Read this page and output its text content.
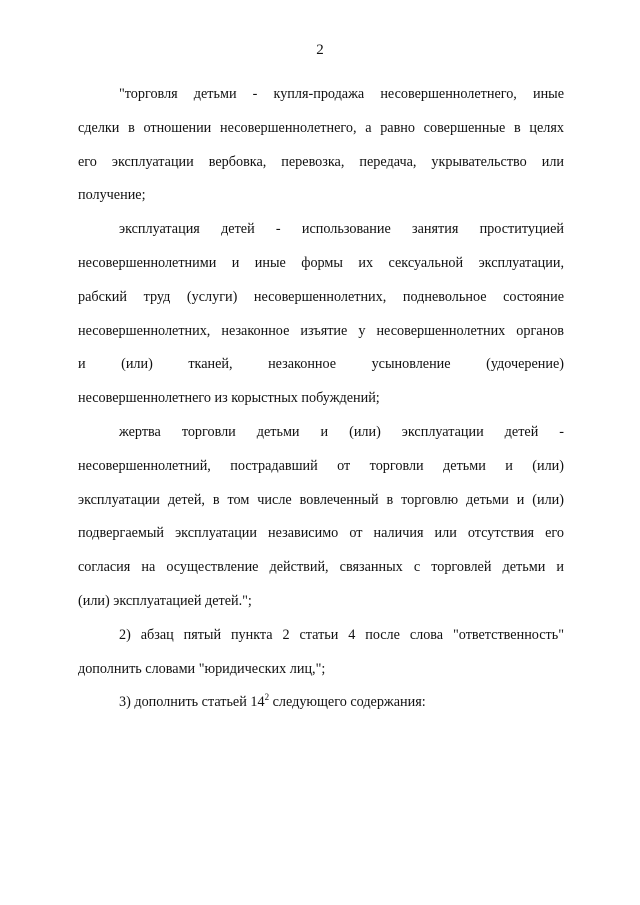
2

"торговля детьми - купля-продажа несовершеннолетнего, иные

сделки в отношении несовершеннолетнего, а равно совершенные в целях

его эксплуатации вербовка, перевозка, передача, укрывательство или

получение;

эксплуатация детей - использование занятия проституцией

несовершеннолетними и иные формы их сексуальной эксплуатации,

рабский труд (услуги) несовершеннолетних, подневольное состояние

несовершеннолетних, незаконное изъятие у несовершеннолетних органов

и (или) тканей, незаконное усыновление (удочерение)

несовершеннолетнего из корыстных побуждений;

жертва торговли детьми и (или) эксплуатации детей -

несовершеннолетний, пострадавший от торговли детьми и (или)

эксплуатации детей, в том числе вовлеченный в торговлю детьми и (или)

подвергаемый эксплуатации независимо от наличия или отсутствия его

согласия на осуществление действий, связанных с торговлей детьми и

(или) эксплуатацией детей.";

2) абзац пятый пункта 2 статьи 4 после слова "ответственность"

дополнить словами "юридических лиц,";

3) дополнить статьей $14^2$ следующего содержания:
